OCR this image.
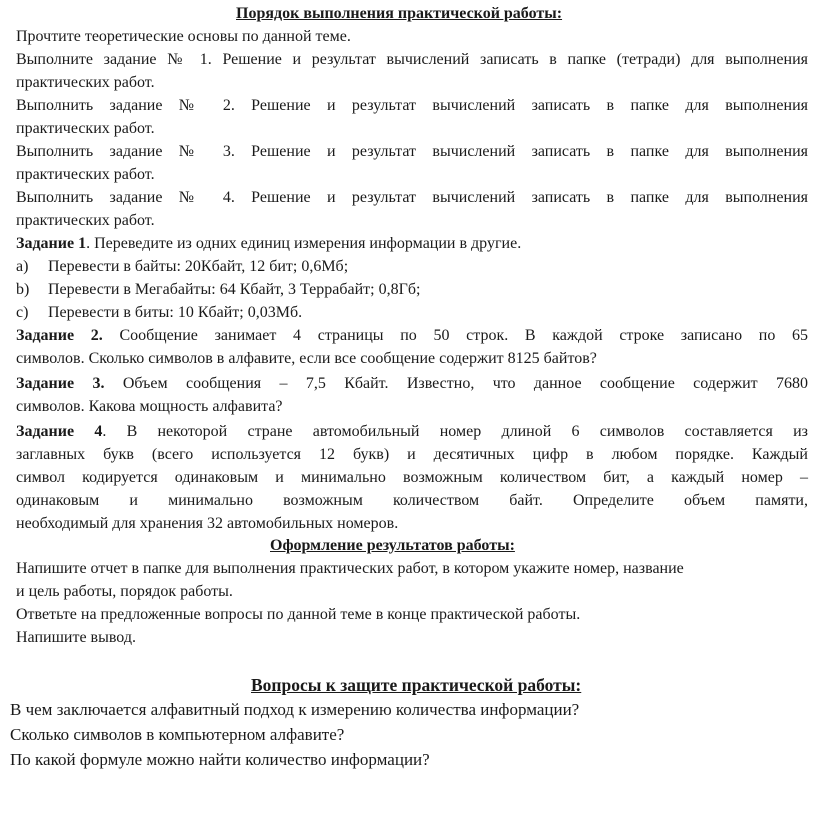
Порядок выполнения практической работы:
Прочтите теоретические основы по данной теме.
Выполните задание № 1. Решение и результат вычислений записать в папке (тетради) для выполнения
практических работ.
Выполнить задание № 2. Решение и результат вычислений записать в папке для выполнения
практических работ.
Выполнить задание № 3. Решение и результат вычислений записать в папке для выполнения
практических работ.
Выполнить задание № 4. Решение и результат вычислений записать в папке для выполнения
практических работ.
Задание 1. Переведите из одних единиц измерения информации в другие.
a) Перевести в байты: 20Кбайт, 12 бит; 0,6Мб;
b) Перевести в Мегабайты: 64 Кбайт, 3 Террабайт; 0,8Гб;
c) Перевести в биты: 10 Кбайт; 0,03Мб.
Задание 2. Сообщение занимает 4 страницы по 50 строк. В каждой строке записано по 65
символов. Сколько символов в алфавите, если все сообщение содержит 8125 байтов?
Задание 3. Объем сообщения – 7,5 Кбайт. Известно, что данное сообщение содержит 7680
символов. Какова мощность алфавита?
Задание 4. В некоторой стране автомобильный номер длиной 6 символов составляется из
заглавных букв (всего используется 12 букв) и десятичных цифр в любом порядке. Каждый
символ кодируется одинаковым и минимально возможным количеством бит, а каждый номер –
одинаковым и минимально возможным количеством байт. Определите объем памяти,
необходимый для хранения 32 автомобильных номеров.
Оформление результатов работы:
Напишите отчет в папке для выполнения практических работ, в котором укажите номер, название
и цель работы, порядок работы.
Ответьте на предложенные вопросы по данной теме в конце практической работы.
Напишите вывод.
Вопросы к защите практической работы:
В чем заключается алфавитный подход к измерению количества информации?
Сколько символов в компьютерном алфавите?
По какой формуле можно найти количество информации?
